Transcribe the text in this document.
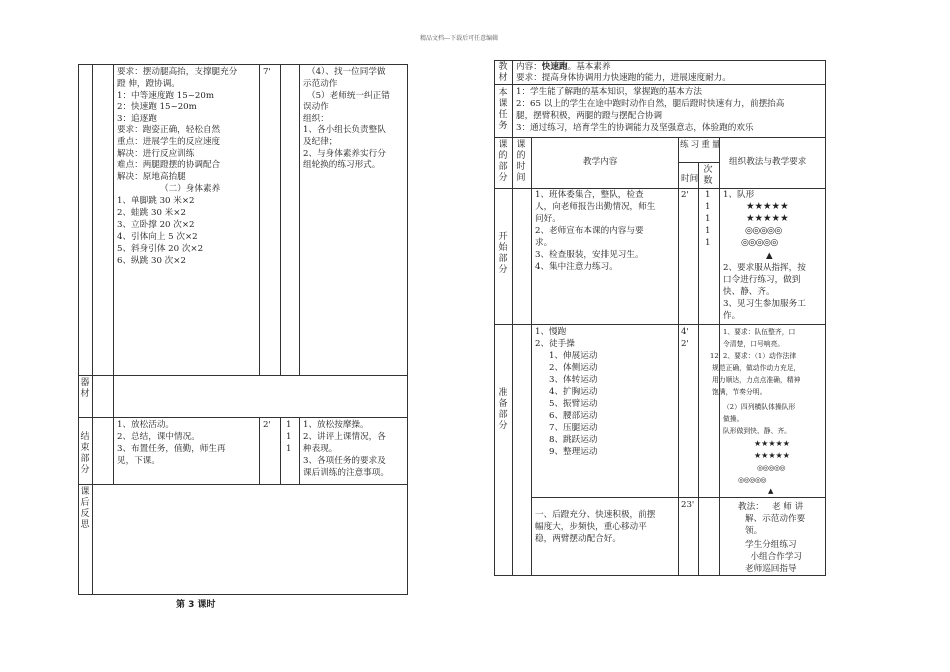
精品文档---下载后可任意编辑
要求：摆动腿高抬，支撑腿充分
蹬 伸，蹬协调。
1：中等速度跑 15~20m
2：快速跑 15~20m
3：追逐跑
要求：跑姿正确，轻松自然
重点：进展学生的反应速度
解决：进行反应训练
难点：两腿蹬摆的协调配合
解决：原地高抬腿
（二）身体素养
1、单脚跳 30 米×2
2、蛙跳 30 米×2
3、立卧撑 20 次×2
4、引体向上 5 次×2
5、斜身引体 20 次×2
6、纵跳 30 次×2
7'	（4）、找一位同学做
示范动作
（5）老师统一纠正错
误动作
组织：
1、各小组长负责整队
及纪律；
2、与身体素养实行分
组轮换的练习形式。
器材
结束部分
1、放松活动。
2、总结，课中情况。
3、布置任务，值勤，师生再
见，下课。
2' 1
1
1
1、放松按摩操。
2、讲评上课情况，各
种表现。
3、各项任务的要求及
课后训练的注意事项。
课后反思
第 3 课时
教材
内容：快速跑。基本素养
要求：提高身体协调用力快速跑的能力，进展速度耐力。
本课任务
1：学生能了解跑的基本知识，掌握跑的基本方法
2：65 以上的学生在途中跑时动作自然，腿后蹬时快速有力，前摆抬高
腿，摆臂积极，两腿的蹬与摆配合协调
3：通过练习，培育学生的协调能力及坚强意志，体验跑的欢乐
课的部分
课的时间
教学内容
练习重量
时间
次数
组织教法与教学要求
开始部分
1、班体委集合，整队，检查
人，向老师报告出勤情况，师生
问好。
2、老师宣布本课的内容与要
求。
3、检查服装，安排见习生。
4、集中注意力练习。
2' 1
1
1
1
1
1、队形
★★★★★
★★★★★
◎◎◎◎◎
◎◎◎◎◎
▲
2、要求服从指挥，按
口令进行练习，做到
快、静、齐。
3、见习生参加服务工
作。
准备部分
1、慢跑
2、徒手操
1、伸展运动
2、体侧运动
3、体转运动
4、扩胸运动
5、振臂运动
6、腰部运动
7、压腿运动
8、跳跃运动
9、整理运动
4'
2'
12
1、要求：队伍整齐，口
令清楚，口号响亮。
2、要求：（1）动作法律
规范正确，做动作动力充足，
用力顺达，力点点准确，精神
饱满，节奏分明。
（2）四列横队体操队形
做操。
队形做到快、静、齐。
★★★★★
★★★★★
◎◎◎◎◎
◎◎◎◎◎
▲
一、后蹬充分、快速积极，前摆
幅度大，步频快，重心移动平
稳，两臂摆动配合好。
23'	教法：   老 师 讲
解、示范动作要
领。
学生分组练习
小组合作学习
老师巡回指导
